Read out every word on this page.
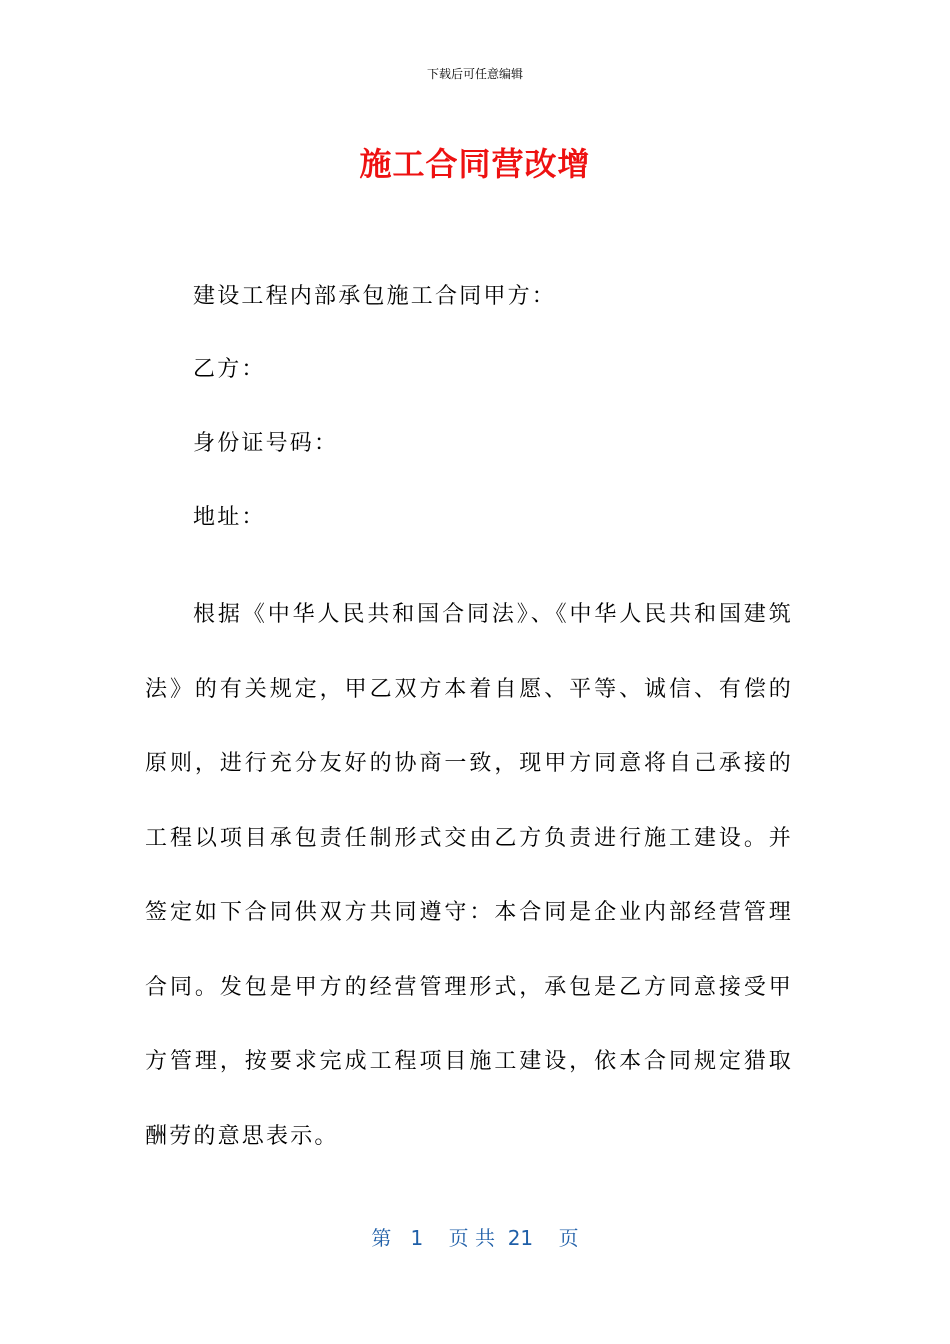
下载后可任意编辑
施工合同营改增
建设工程内部承包施工合同甲方：
乙方：
身份证号码：
地址：

根据《中华人民共和国合同法》、《中华人民共和国建筑法》的有关规定，甲乙双方本着自愿、平等、诚信、有偿的原则，进行充分友好的协商一致，现甲方同意将自己承接的工程以项目承包责任制形式交由乙方负责进行施工建设。并签定如下合同供双方共同遵守：本合同是企业内部经营管理合同。发包是甲方的经营管理形式，承包是乙方同意接受甲方管理，按要求完成工程项目施工建设，依本合同规定猎取酬劳的意思表示。

第   1    页 共  21    页
